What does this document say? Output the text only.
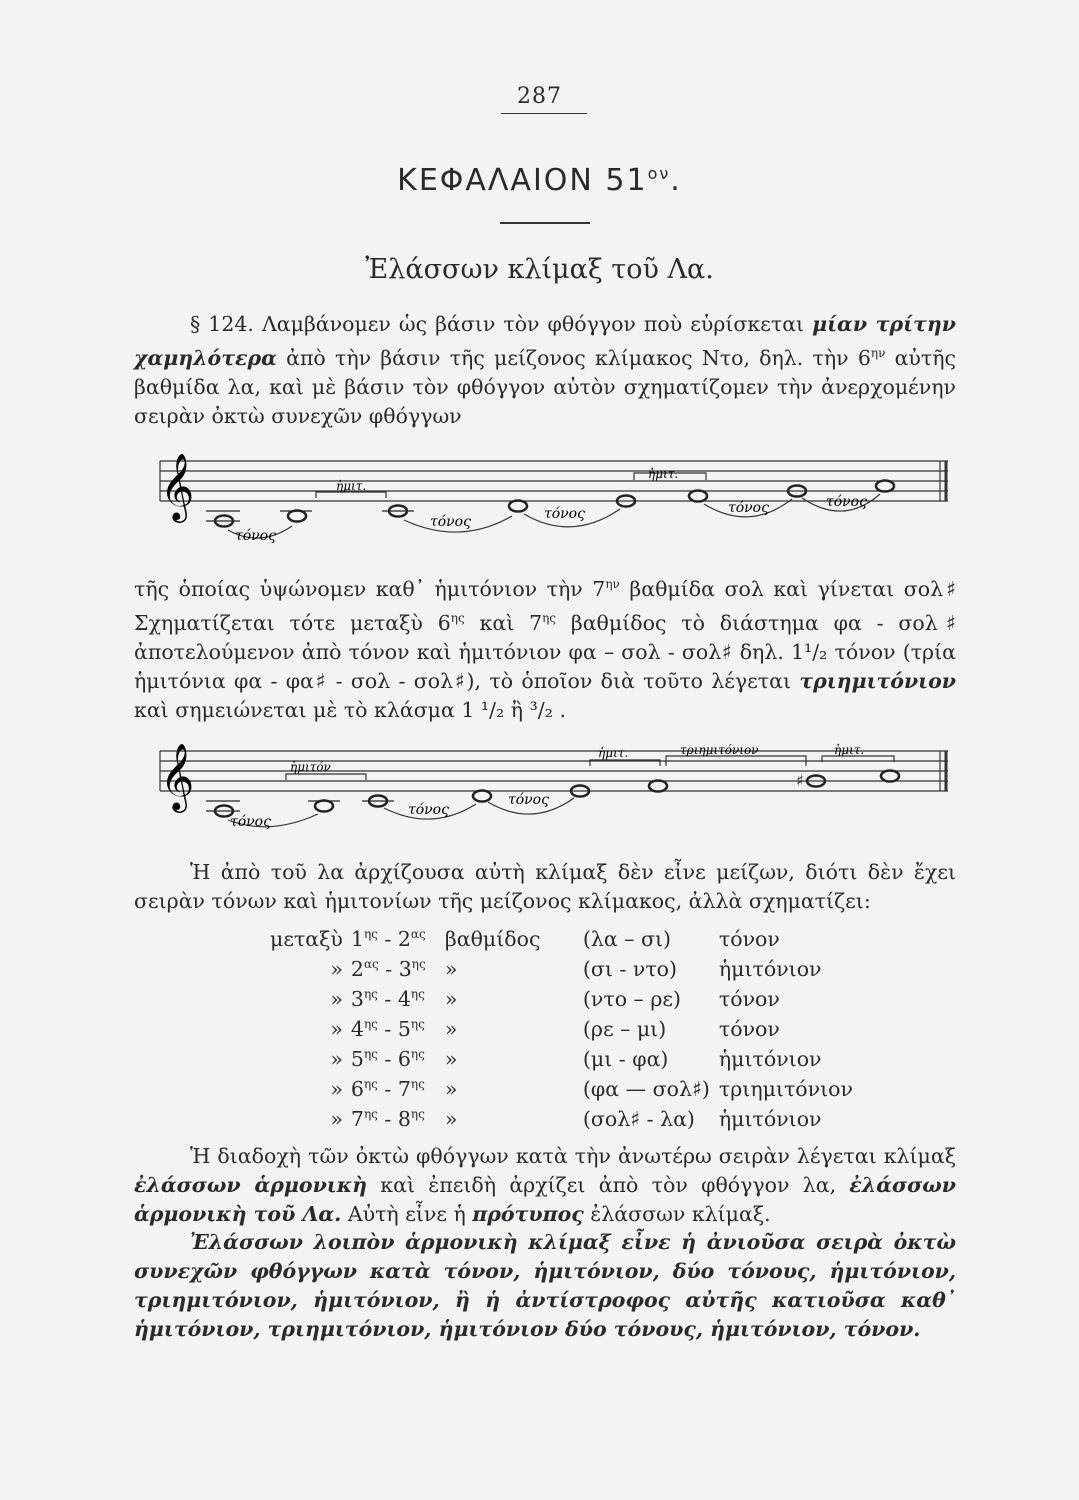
287
ΚΕΦΑΛΑΙΟΝ $51^{o\nu}$.
Ἐλάσσων κλίμαξ τοῦ Λα.
§ 124. Λαμβάνομεν ὡς βάσιν τὸν φθόγγον ποὺ εὑρίσκεται μίαν τρίτην χαμηλότερα ἀπὸ τὴν βάσιν τῆς μείζονος κλίμακος Ντο, δηλ. τὴν $6^{\eta\nu}$ αὐτῆς βαθμίδα λα, καὶ μὲ βάσιν τὸν φθόγγον αὐτὸν σχηματίζομεν τὴν ἀνερχομένην σειρὰν ὀκτὼ συνεχῶν φθόγγων
𝄞	ἡμιτ.
ἡμιτ.
τόνος
τόνος	τόνος	τόνος	τόνος
τῆς ὁποίας ὑψώνομεν καθ᾽ ἡμιτόνιον τὴν $7^{\eta\nu}$ βαθμίδα σολ καὶ γίνεται σολ♯ Σχηματίζεται τότε μεταξὺ $6^{\eta\varsigma}$ καὶ $7^{\eta\varsigma}$ βαθμίδος τὸ διάστημα φα - σολ♯ ἀποτελούμενον ἀπὸ τόνον καὶ ἡμιτόνιον φα – σολ - σολ♯ δηλ. 1¹/₂ τόνον (τρία ἡμιτόνια φα - φα♯ - σολ - σολ♯), τὸ ὁποῖον διὰ τοῦτο λέγεται τριημιτόνιον καὶ σημειώνεται μὲ τὸ κλάσμα 1 ¹/₂ ἢ ³/₂ .
𝄞	♯
ἡμιτόν
ἡμιτ.	τριημιτόνιον	ἡμιτ.
τόνος
τόνος
τόνος
Ἡ ἀπὸ τοῦ λα ἀρχίζουσα αὐτὴ κλίμαξ δὲν εἶνε μείζων, διότι δὲν ἔχει σειρὰν τόνων καὶ ἡμιτονίων τῆς μείζονος κλίμακος, ἀλλὰ σχηματίζει:
μεταξὺ	$1^{\eta\varsigma} - 2^{\alpha\varsigma}$	βαθμίδος	(λα – σι)	τόνον
»	$2^{\alpha\varsigma} - 3^{\eta\varsigma}$	»	(σι - ντο)	ἡμιτόνιον
»	$3^{\eta\varsigma} - 4^{\eta\varsigma}$	»	(ντο – ρε)	τόνον
»	$4^{\eta\varsigma} - 5^{\eta\varsigma}$	»	(ρε – μι)	τόνον
»	$5^{\eta\varsigma} - 6^{\eta\varsigma}$	»	(μι - φα)	ἡμιτόνιον
»	$6^{\eta\varsigma} - 7^{\eta\varsigma}$	»	(φα — σολ♯)	τριημιτόνιον
»	$7^{\eta\varsigma} - 8^{\eta\varsigma}$	»	(σολ♯ - λα)	ἡμιτόνιον
Ἡ διαδοχὴ τῶν ὀκτὼ φθόγγων κατὰ τὴν ἀνωτέρω σειρὰν λέγεται κλίμαξ ἐλάσσων ἁρμονικὴ καὶ ἐπειδὴ ἀρχίζει ἀπὸ τὸν φθόγγον λα, ἐλάσσων ἁρμονικὴ τοῦ Λα. Αὐτὴ εἶνε ἡ πρότυπος ἐλάσσων κλίμαξ.
Ἐλάσσων λοιπὸν ἁρμονικὴ κλίμαξ εἶνε ἡ ἀνιοῦσα σειρὰ ὀκτὼ συνεχῶν φθόγγων κατὰ τόνον, ἡμιτόνιον, δύο τόνους, ἡμιτόνιον, τριημιτόνιον, ἡμιτόνιον, ἢ ἡ ἀντίστροφος αὐτῆς κατιοῦσα καθ᾽ ἡμιτόνιον, τριημιτόνιον, ἡμιτόνιον δύο τόνους, ἡμιτόνιον, τόνον.
